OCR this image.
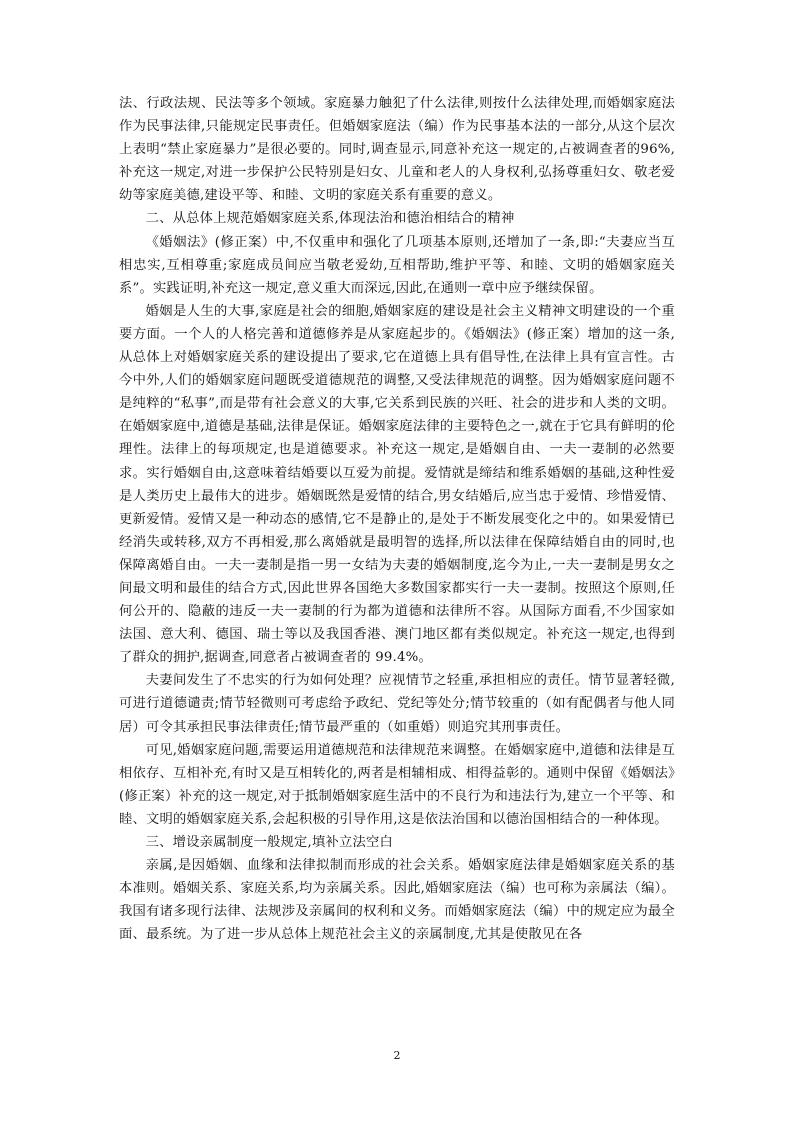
法、行政法规、民法等多个领域。家庭暴力触犯了什么法律,则按什么法律处理,而婚姻家庭法作为民事法律,只能规定民事责任。但婚姻家庭法（编）作为民事基本法的一部分,从这个层次上表明“禁止家庭暴力”是很必要的。同时,调查显示,同意补充这一规定的,占被调查者的96%,补充这一规定,对进一步保护公民特别是妇女、儿童和老人的人身权利,弘扬尊重妇女、敬老爱幼等家庭美德,建设平等、和睦、文明的家庭关系有重要的意义。

二、从总体上规范婚姻家庭关系,体现法治和德治相结合的精神

《婚姻法》(修正案）中,不仅重申和强化了几项基本原则,还增加了一条,即:“夫妻应当互相忠实,互相尊重;家庭成员间应当敬老爱幼,互相帮助,维护平等、和睦、文明的婚姻家庭关系”。实践证明,补充这一规定,意义重大而深远,因此,在通则一章中应予继续保留。

婚姻是人生的大事,家庭是社会的细胞,婚姻家庭的建设是社会主义精神文明建设的一个重要方面。一个人的人格完善和道德修养是从家庭起步的。《婚姻法》(修正案）增加的这一条,从总体上对婚姻家庭关系的建设提出了要求,它在道德上具有倡导性,在法律上具有宣言性。古今中外,人们的婚姻家庭问题既受道德规范的调整,又受法律规范的调整。因为婚姻家庭问题不是纯粹的“私事”,而是带有社会意义的大事,它关系到民族的兴旺、社会的进步和人类的文明。在婚姻家庭中,道德是基础,法律是保证。婚姻家庭法律的主要特色之一,就在于它具有鲜明的伦理性。法律上的每项规定,也是道德要求。补充这一规定,是婚姻自由、一夫一妻制的必然要求。实行婚姻自由,这意味着结婚要以互爱为前提。爱情就是缔结和维系婚姻的基础,这种性爱是人类历史上最伟大的进步。婚姻既然是爱情的结合,男女结婚后,应当忠于爱情、珍惜爱情、更新爱情。爱情又是一种动态的感情,它不是静止的,是处于不断发展变化之中的。如果爱情已经消失或转移,双方不再相爱,那么离婚就是最明智的选择,所以法律在保障结婚自由的同时,也保障离婚自由。一夫一妻制是指一男一女结为夫妻的婚姻制度,迄今为止,一夫一妻制是男女之间最文明和最佳的结合方式,因此世界各国绝大多数国家都实行一夫一妻制。按照这个原则,任何公开的、隐蔽的违反一夫一妻制的行为都为道德和法律所不容。从国际方面看,不少国家如法国、意大利、德国、瑞士等以及我国香港、澳门地区都有类似规定。补充这一规定,也得到了群众的拥护,据调查,同意者占被调查者的 99.4%。

夫妻间发生了不忠实的行为如何处理？应视情节之轻重,承担相应的责任。情节显著轻微,可进行道德谴责;情节轻微则可考虑给予政纪、党纪等处分;情节较重的（如有配偶者与他人同居）可令其承担民事法律责任;情节最严重的（如重婚）则追究其刑事责任。

可见,婚姻家庭问题,需要运用道德规范和法律规范来调整。在婚姻家庭中,道德和法律是互相依存、互相补充,有时又是互相转化的,两者是相辅相成、相得益彰的。通则中保留《婚姻法》(修正案）补充的这一规定,对于抵制婚姻家庭生活中的不良行为和违法行为,建立一个平等、和睦、文明的婚姻家庭关系,会起积极的引导作用,这是依法治国和以德治国相结合的一种体现。

三、增设亲属制度一般规定,填补立法空白

亲属,是因婚姻、血缘和法律拟制而形成的社会关系。婚姻家庭法律是婚姻家庭关系的基本准则。婚姻关系、家庭关系,均为亲属关系。因此,婚姻家庭法（编）也可称为亲属法（编）。我国有诸多现行法律、法规涉及亲属间的权利和义务。而婚姻家庭法（编）中的规定应为最全面、最系统。为了进一步从总体上规范社会主义的亲属制度,尤其是使散见在各

2
